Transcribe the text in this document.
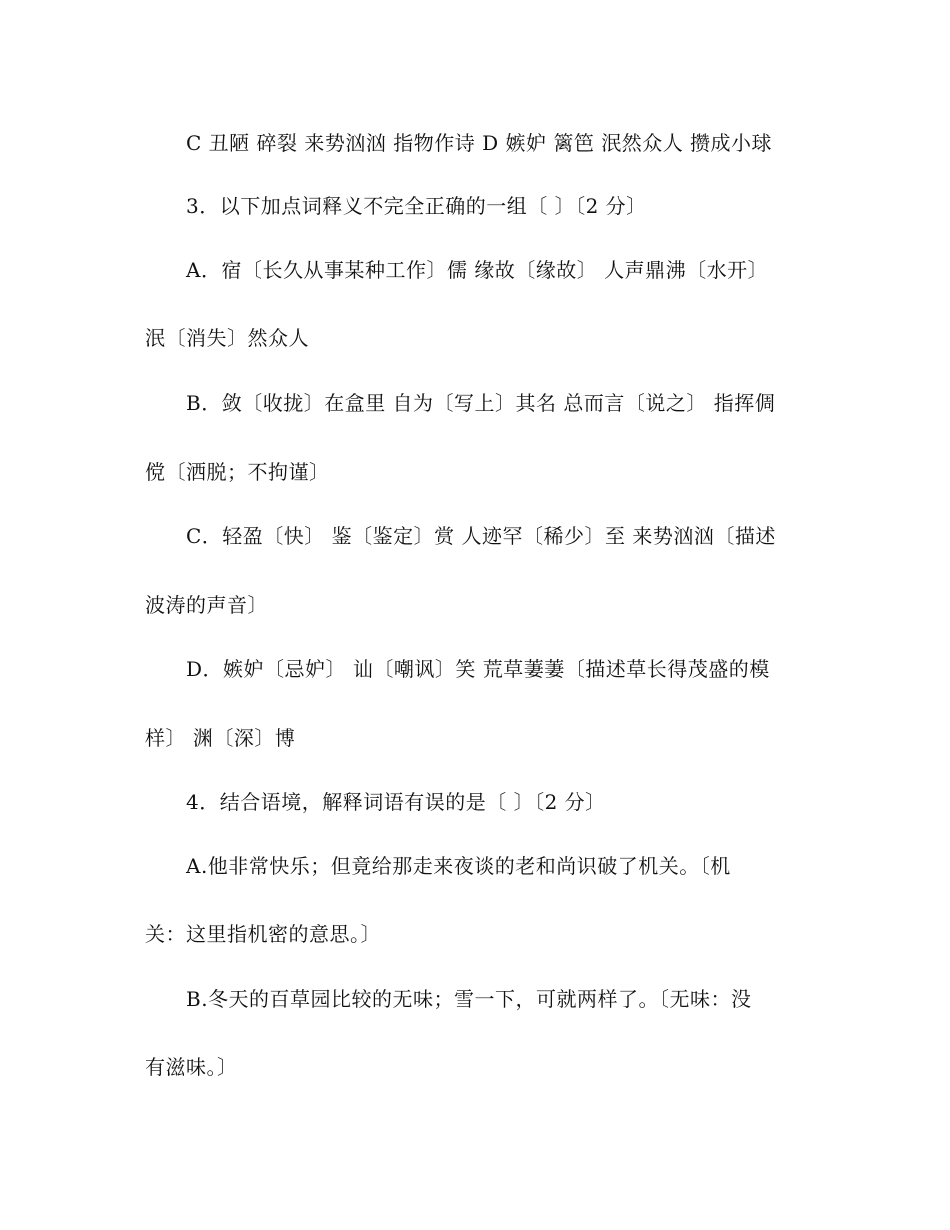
C 丑陋 碎裂 来势汹汹 指物作诗 D 嫉妒 篱笆 泯然众人 攒成小球
3．以下加点词释义不完全正确的一组〔 〕〔2 分〕
A．宿〔长久从事某种工作〕儒 缘故〔缘故〕 人声鼎沸〔水开〕
泯〔消失〕然众人
B．敛〔收拢〕在盒里 自为〔写上〕其名 总而言〔说之〕 指挥倜
傥〔洒脱；不拘谨〕
C．轻盈〔快〕 鉴〔鉴定〕赏 人迹罕〔稀少〕至 来势汹汹〔描述
波涛的声音〕
D．嫉妒〔忌妒〕 讪〔嘲讽〕笑 荒草萋萋〔描述草长得茂盛的模
样〕 渊〔深〕博
4．结合语境，解释词语有误的是〔 〕〔2 分〕
A.他非常快乐；但竟给那走来夜谈的老和尚识破了机关。〔机
关：这里指机密的意思。〕
B.冬天的百草园比较的无味；雪一下，可就两样了。〔无味：没
有滋味。〕
